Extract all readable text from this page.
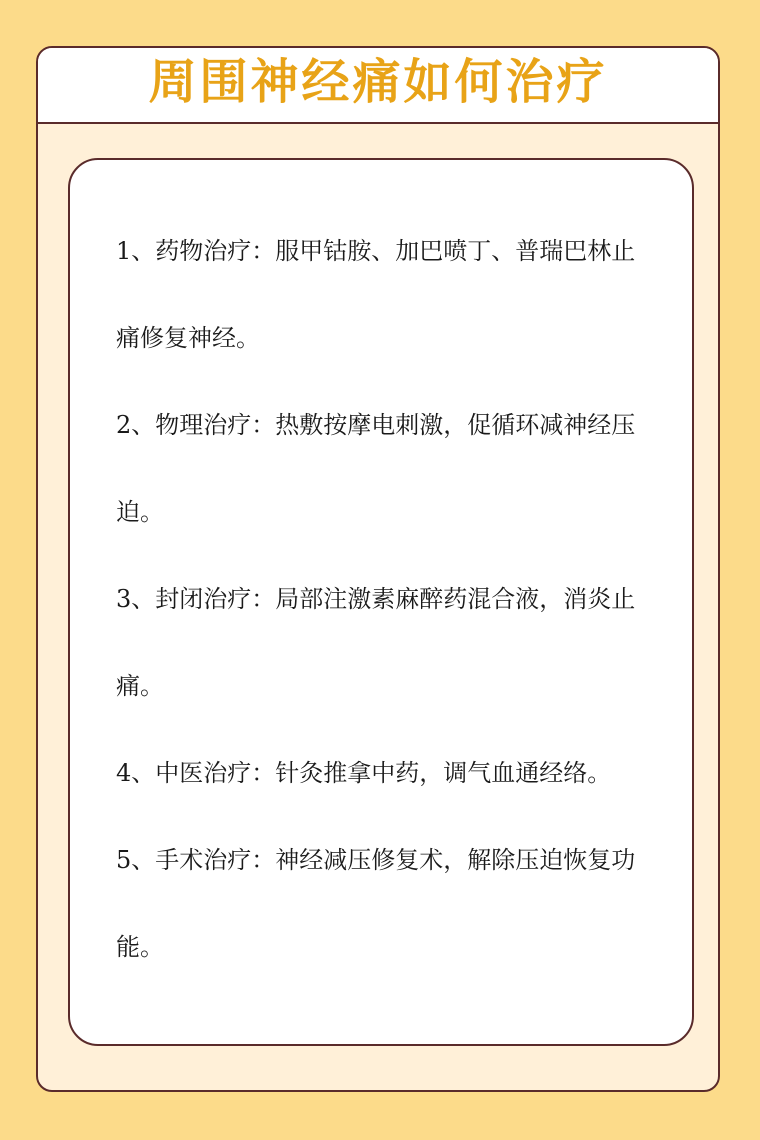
周围神经痛如何治疗

1、药物治疗：服甲钴胺、加巴喷丁、普瑞巴林止痛修复神经。

2、物理治疗：热敷按摩电刺激，促循环减神经压迫。

3、封闭治疗：局部注激素麻醉药混合液，消炎止痛。

4、中医治疗：针灸推拿中药，调气血通经络。

5、手术治疗：神经减压修复术，解除压迫恢复功能。
